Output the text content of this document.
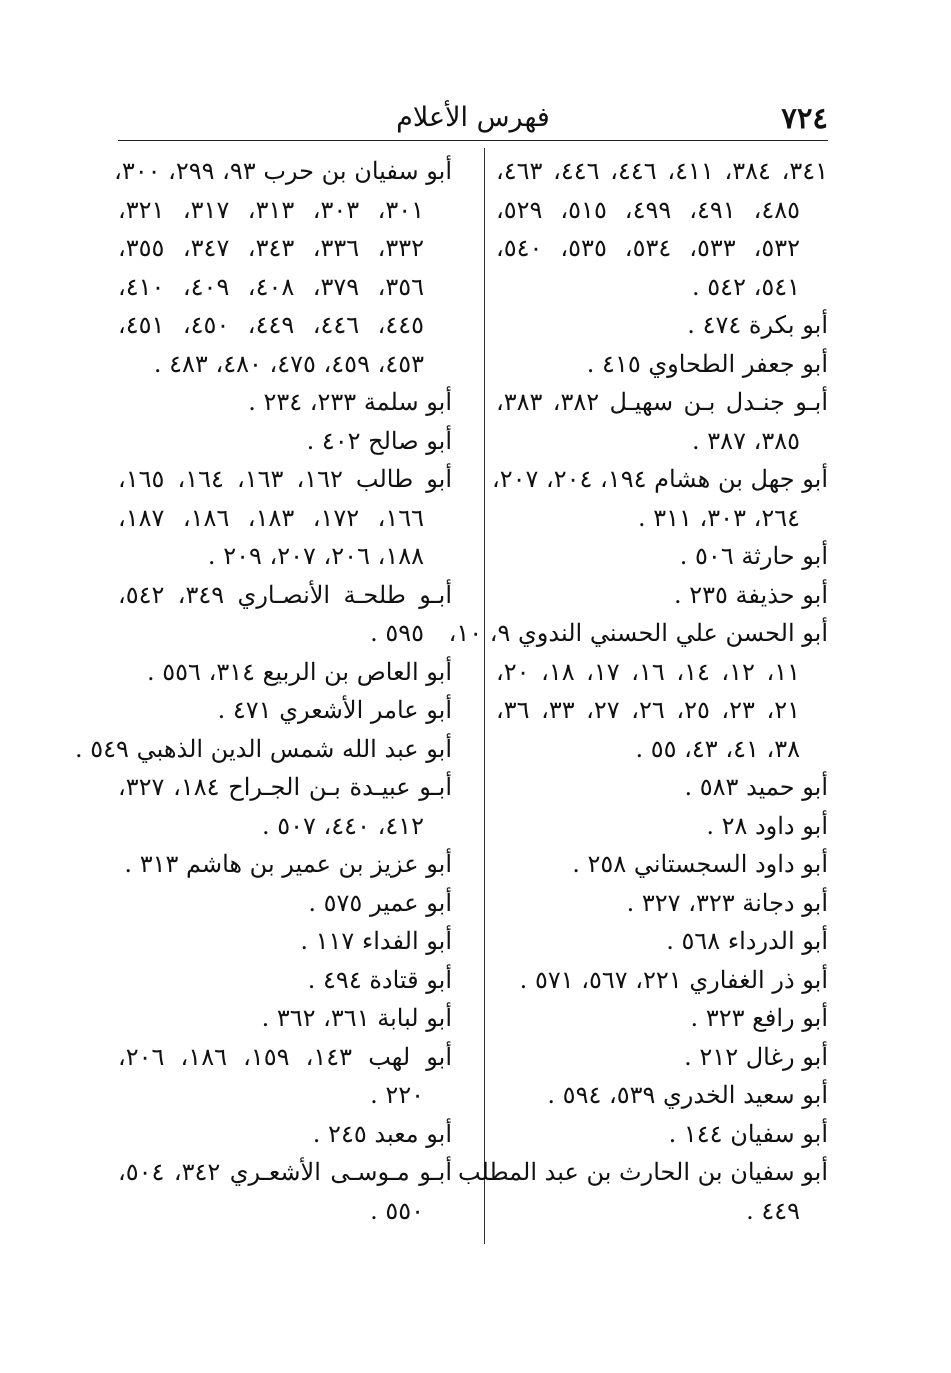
٧٢٤
فهرس الأعلام

٣٤١، ٣٨٤، ٤١١، ٤٤٦، ٤٤٦، ٤٦٣،
٤٨٥، ٤٩١، ٤٩٩، ٥١٥، ٥٢٩،
٥٣٢، ٥٣٣، ٥٣٤، ٥٣٥، ٥٤٠،
٥٤١، ٥٤٢ .

أبو بكرة ٤٧٤ .

أبو جعفر الطحاوي ٤١٥ .

أبـو جنـدل بـن سهيـل ٣٨٢، ٣٨٣،
٣٨٥، ٣٨٧ .

أبو جهل بن هشام ١٩٤، ٢٠٤، ٢٠٧،
٢٦٤، ٣٠٣، ٣١١ .

أبو حارثة ٥٠٦ .

أبو حذيفة ٢٣٥ .

أبو الحسن علي الحسني الندوي ٩، ١٠،
١١، ١٢، ١٤، ١٦، ١٧، ١٨، ٢٠،
٢١، ٢٣، ٢٥، ٢٦، ٢٧، ٣٣، ٣٦،
٣٨، ٤١، ٤٣، ٥٥ .

أبو حميد ٥٨٣ .

أبو داود ٢٨ .

أبو داود السجستاني ٢٥٨ .

أبو دجانة ٣٢٣، ٣٢٧ .

أبو الدرداء ٥٦٨ .

أبو ذر الغفاري ٢٢١، ٥٦٧، ٥٧١ .

أبو رافع ٣٢٣ .

أبو رغال ٢١٢ .

أبو سعيد الخدري ٥٣٩، ٥٩٤ .

أبو سفيان ١٤٤ .

أبو سفيان بن الحارث بن عبد المطلب
٤٤٩ .

أبو سفيان بن حرب ٩٣، ٢٩٩، ٣٠٠،
٣٠١، ٣٠٣، ٣١٣، ٣١٧، ٣٢١،
٣٣٢، ٣٣٦، ٣٤٣، ٣٤٧، ٣٥٥،
٣٥٦، ٣٧٩، ٤٠٨، ٤٠٩، ٤١٠،
٤٤٥، ٤٤٦، ٤٤٩، ٤٥٠، ٤٥١،
٤٥٣، ٤٥٩، ٤٧٥، ٤٨٠، ٤٨٣ .

أبو سلمة ٢٣٣، ٢٣٤ .

أبو صالح ٤٠٢ .

أبو طالب ١٦٢، ١٦٣، ١٦٤، ١٦٥،
١٦٦، ١٧٢، ١٨٣، ١٨٦، ١٨٧،
١٨٨، ٢٠٦، ٢٠٧، ٢٠٩ .

أبـو طلحـة الأنصـاري ٣٤٩، ٥٤٢،
٥٩٥ .

أبو العاص بن الربيع ٣١٤، ٥٥٦ .

أبو عامر الأشعري ٤٧١ .

أبو عبد الله شمس الدين الذهبي ٥٤٩ .

أبـو عبيـدة بـن الجـراح ١٨٤، ٣٢٧،
٤١٢، ٤٤٠، ٥٠٧ .

أبو عزيز بن عمير بن هاشم ٣١٣ .

أبو عمير ٥٧٥ .

أبو الفداء ١١٧ .

أبو قتادة ٤٩٤ .

أبو لبابة ٣٦١، ٣٦٢ .

أبو لهب ١٤٣، ١٥٩، ١٨٦، ٢٠٦،
٢٢٠ .

أبو معبد ٢٤٥ .

أبـو مـوسـى الأشعـري ٣٤٢، ٥٠٤،
٥٥٠ .
